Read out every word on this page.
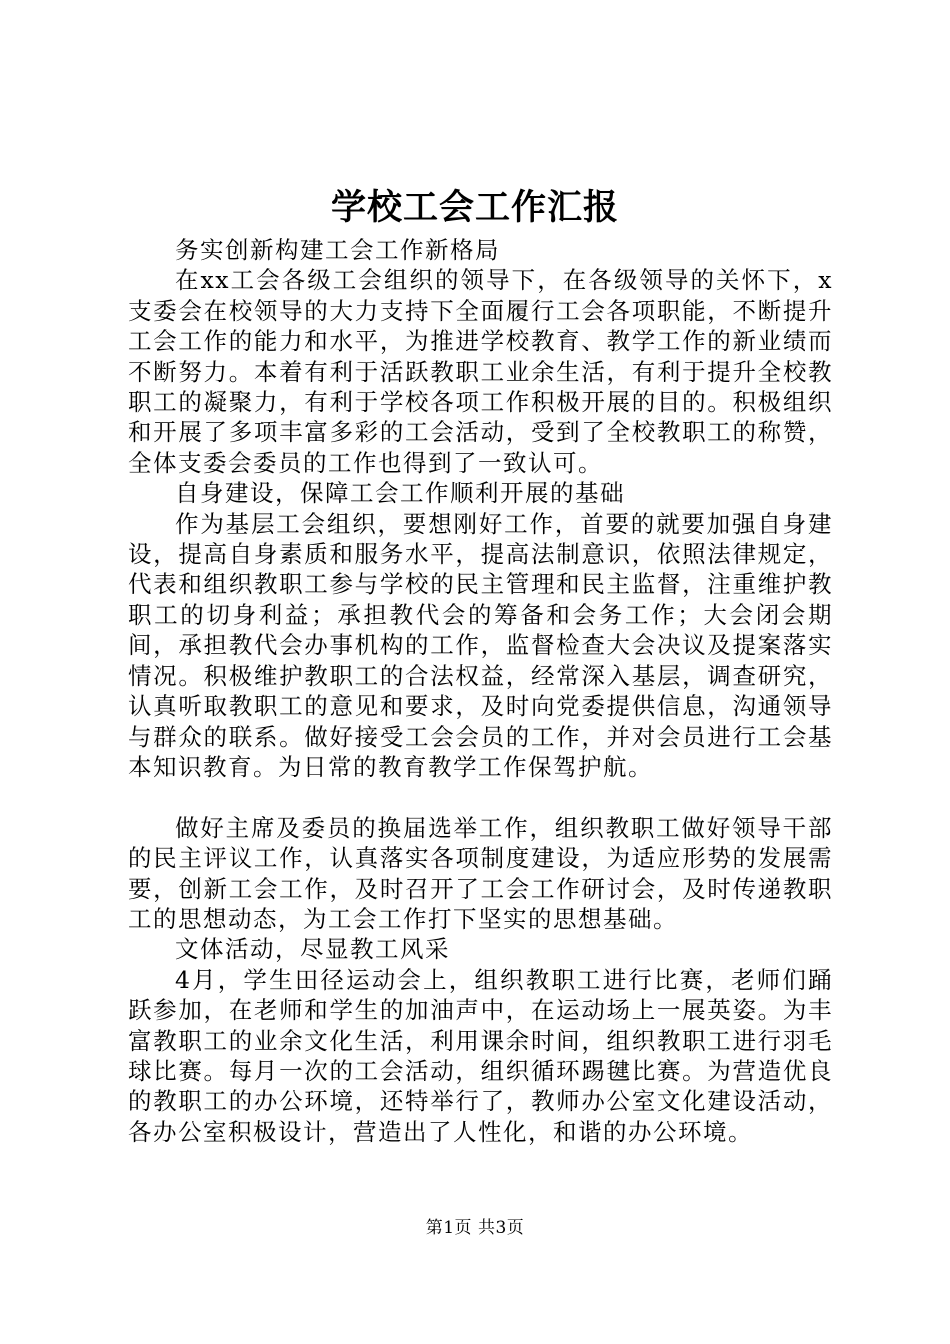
学校工会工作汇报

务实创新构建工会工作新格局

在xx工会各级工会组织的领导下，在各级领导的关怀下，x支委会在校领导的大力支持下全面履行工会各项职能，不断提升工会工作的能力和水平，为推进学校教育、教学工作的新业绩而不断努力。本着有利于活跃教职工业余生活，有利于提升全校教职工的凝聚力，有利于学校各项工作积极开展的目的。积极组织和开展了多项丰富多彩的工会活动，受到了全校教职工的称赞，全体支委会委员的工作也得到了一致认可。

自身建设，保障工会工作顺利开展的基础

作为基层工会组织，要想刚好工作，首要的就要加强自身建设，提高自身素质和服务水平，提高法制意识，依照法律规定，代表和组织教职工参与学校的民主管理和民主监督，注重维护教职工的切身利益；承担教代会的筹备和会务工作；大会闭会期间，承担教代会办事机构的工作，监督检查大会决议及提案落实情况。积极维护教职工的合法权益，经常深入基层，调查研究，认真听取教职工的意见和要求，及时向党委提供信息，沟通领导与群众的联系。做好接受工会会员的工作，并对会员进行工会基本知识教育。为日常的教育教学工作保驾护航。

做好主席及委员的换届选举工作，组织教职工做好领导干部的民主评议工作，认真落实各项制度建设，为适应形势的发展需要，创新工会工作，及时召开了工会工作研讨会，及时传递教职工的思想动态，为工会工作打下坚实的思想基础。

文体活动，尽显教工风采

4月，学生田径运动会上，组织教职工进行比赛，老师们踊跃参加，在老师和学生的加油声中，在运动场上一展英姿。为丰富教职工的业余文化生活，利用课余时间，组织教职工进行羽毛球比赛。每月一次的工会活动，组织循环踢毽比赛。为营造优良的教职工的办公环境，还特举行了，教师办公室文化建设活动，各办公室积极设计，营造出了人性化，和谐的办公环境。

第1页 共3页
